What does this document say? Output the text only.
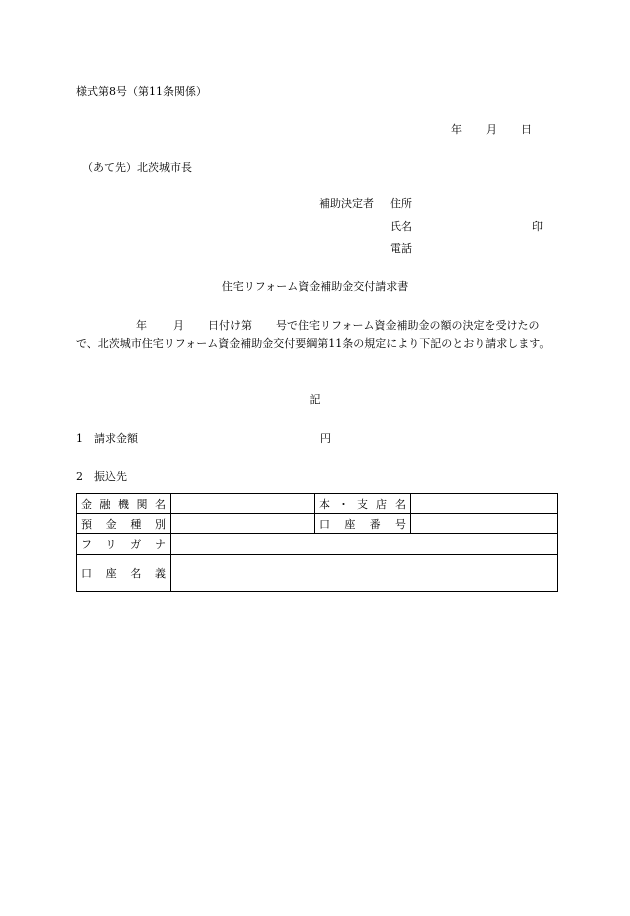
様式第8号（第11条関係）
年 月 日
（あて先）北茨城市長
補助決定者 住所
氏名	印
電話
住宅リフォーム資金補助金交付請求書
年 月 日付け第 号で住宅リフォーム資金補助金の額の決定を受けたので、北茨城市住宅リフォーム資金補助金交付要綱第11条の規定により下記のとおり請求します。
記
1　請求金額	円
2　振込先
金融機関名		本・支店名	
預金種別		口座番号	
フリガナ			
口座名義			
